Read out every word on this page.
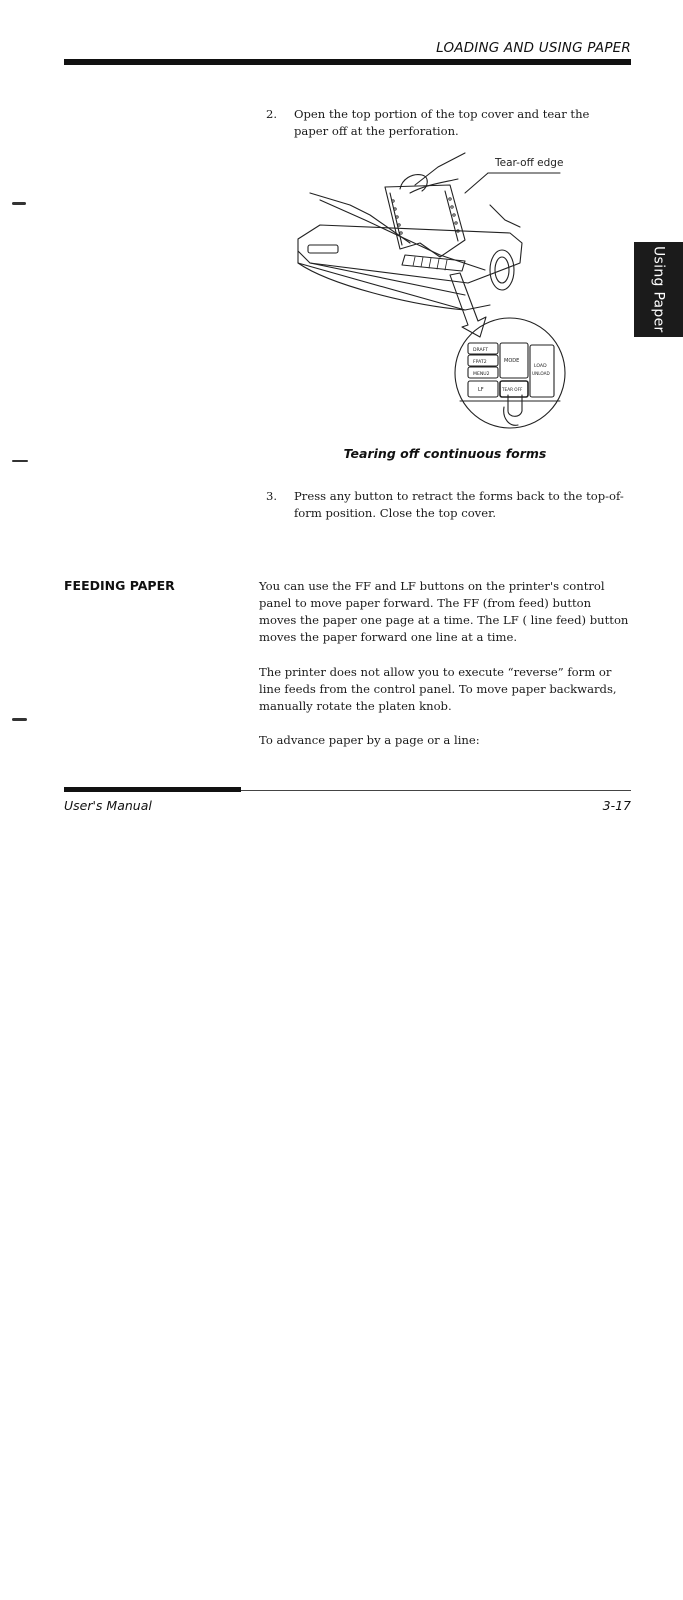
LOADING AND USING PAPER
Using Paper
2. Open the top portion of the top cover and tear the paper off at the perforation.
Tear-off edge
DRAFT
FPAT2
MENU2
MODE
LOAD
UNLOAD
LF	TEAR OFF
Tearing off continuous forms
3. Press any button to retract the forms back to the top-of-form position. Close the top cover.
FEEDING PAPER	You can use the FF and LF buttons on the printer's control panel to move paper forward. The FF (from feed) button moves the paper one page at a time. The LF ( line feed) button moves the paper forward one line at a time.

The printer does not allow you to execute “reverse” form or line feeds from the control panel. To move paper backwards, manually rotate the platen knob.

To advance paper by a page or a line:

User's Manual	3-17
